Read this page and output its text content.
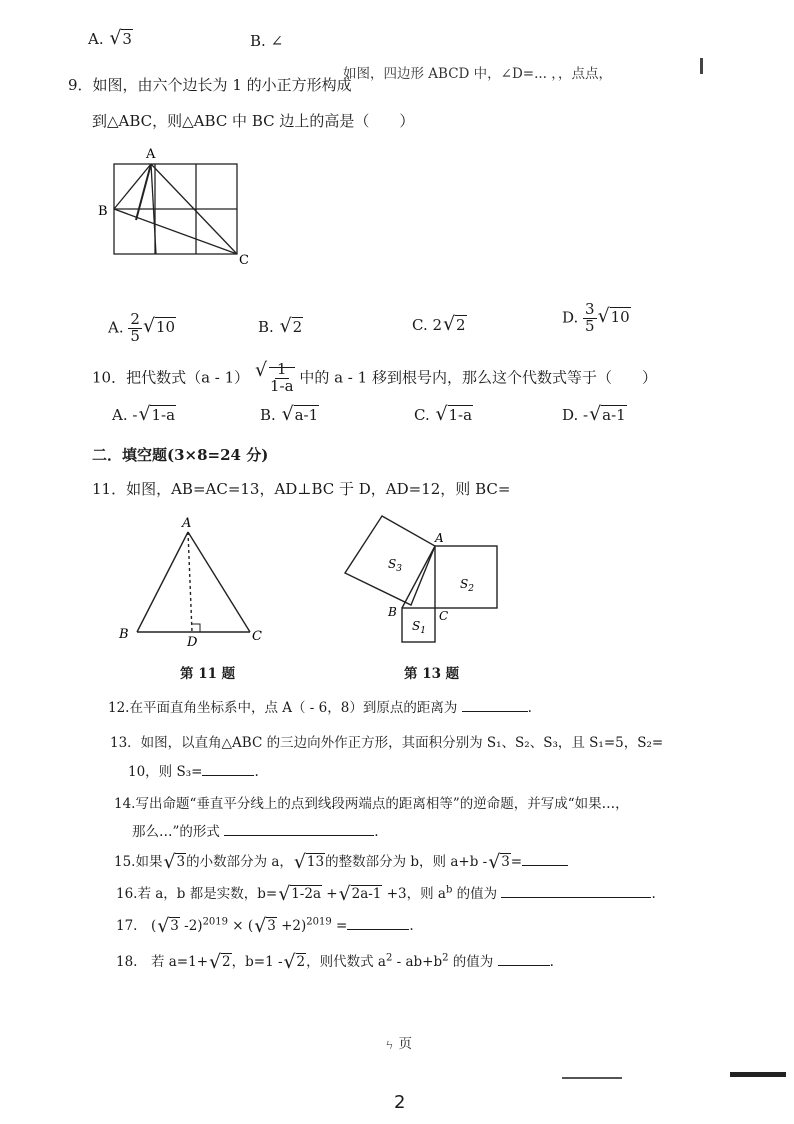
A. √ 3	B. ∠
如图，四边形 ABCD 中，∠D=... ，，点点，
9．如图，由六个边长为 1 的小正方形构成
到△ABC，则△ABC 中 BC 边上的高是（　　）
A
B
C
A. $\frac{2}{5}$ √ 10	B. √ 2	C. 2 √ 2	D. $\frac{3}{5}$ √ 10
10．把代数式（a - 1） √ $\frac{1}{1-a}$ 中的 a - 1 移到根号内，那么这个代数式等于（　　）
A. - √ 1-a	B. √ a-1	C. √ 1-a	D. - √ a-1
二．填空题(3×8=24 分)
11．如图，AB=AC=13，AD⊥BC 于 D，AD=12，则 BC=
A
B	C
D
第 11 题
$S_3$
$S_2$
$S_1$
A
B	C
第 13 题
12.在平面直角坐标系中，点 A（ - 6，8）到原点的距离为	.
13．如图，以直角△ABC 的三边向外作正方形，其面积分别为 S₁、S₂、S₃，且 S₁=5，S₂=
10，则 S₃=	.
14.写出命题“垂直平分线上的点到线段两端点的距离相等”的逆命题，并写成“如果…，
那么…”的形式	.
15.如果 √ 3的小数部分为 a， √ 13的整数部分为 b，则 a+b - √ 3=
16.若 a，b 都是实数，b= √ 1-2a + √ 2a-1 +3，则 $a^b$ 的值为	.
17.　( √ 3 -2)$^{2019}$ × ( √ 3 +2)$^{2019}$ =	.
18.　若 a=1+ √ 2，b=1 - √ 2，则代数式 $a^2 - ab+b^2$ 的值为	.
ㄣ 页
2
